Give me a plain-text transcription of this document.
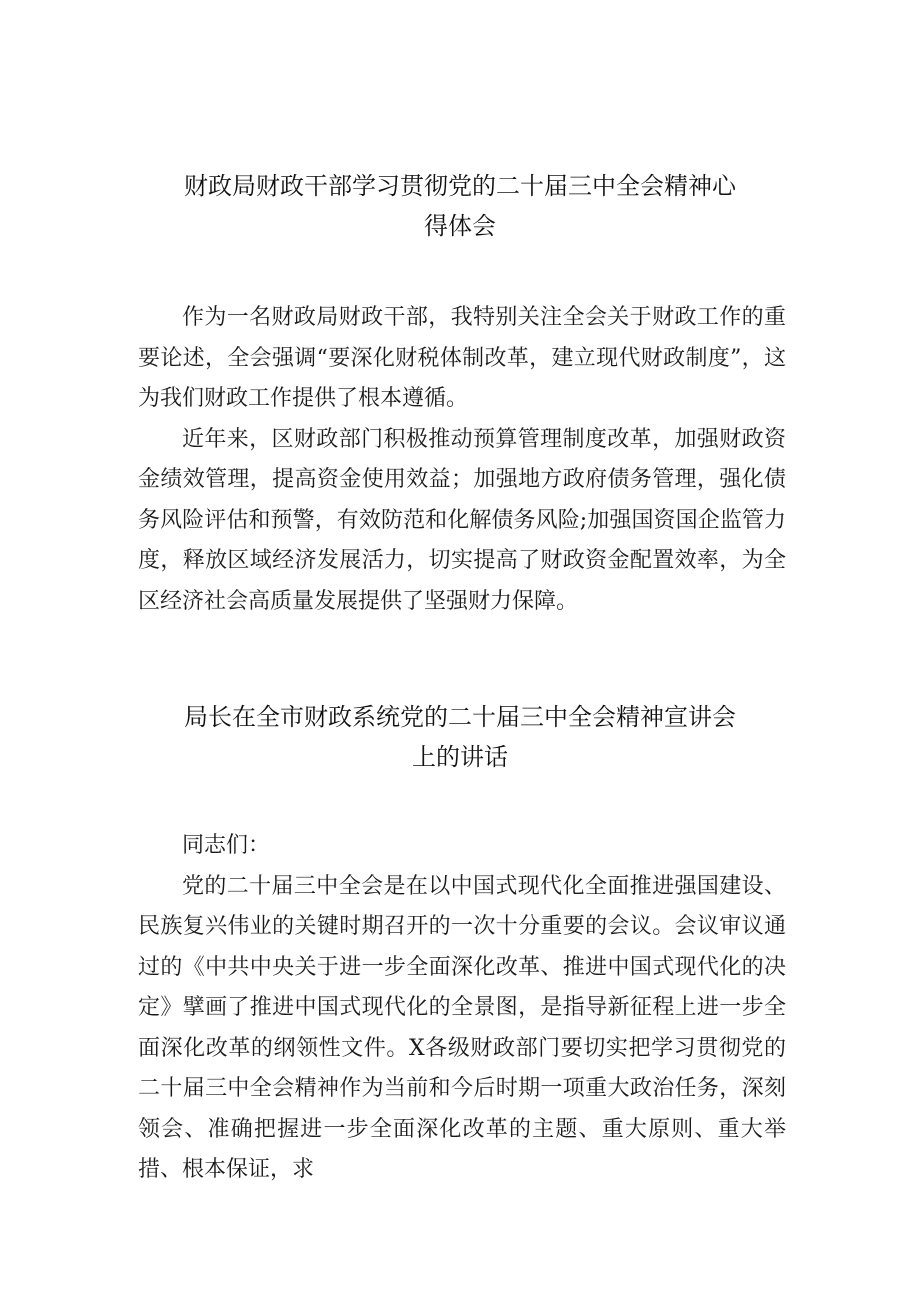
财政局财政干部学习贯彻党的二十届三中全会精神心
得体会

作为一名财政局财政干部，我特别关注全会关于财政工作的重要论述，全会强调“要深化财税体制改革，建立现代财政制度”，这为我们财政工作提供了根本遵循。

近年来，区财政部门积极推动预算管理制度改革，加强财政资金绩效管理，提高资金使用效益；加强地方政府债务管理，强化债务风险评估和预警，有效防范和化解债务风险;加强国资国企监管力度，释放区域经济发展活力，切实提高了财政资金配置效率，为全区经济社会高质量发展提供了坚强财力保障。

局长在全市财政系统党的二十届三中全会精神宣讲会
上的讲话

同志们：

党的二十届三中全会是在以中国式现代化全面推进强国建设、民族复兴伟业的关键时期召开的一次十分重要的会议。会议审议通过的《中共中央关于进一步全面深化改革、推进中国式现代化的决定》擘画了推进中国式现代化的全景图，是指导新征程上进一步全面深化改革的纲领性文件。X各级财政部门要切实把学习贯彻党的二十届三中全会精神作为当前和今后时期一项重大政治任务，深刻领会、准确把握进一步全面深化改革的主题、重大原则、重大举措、根本保证，求
